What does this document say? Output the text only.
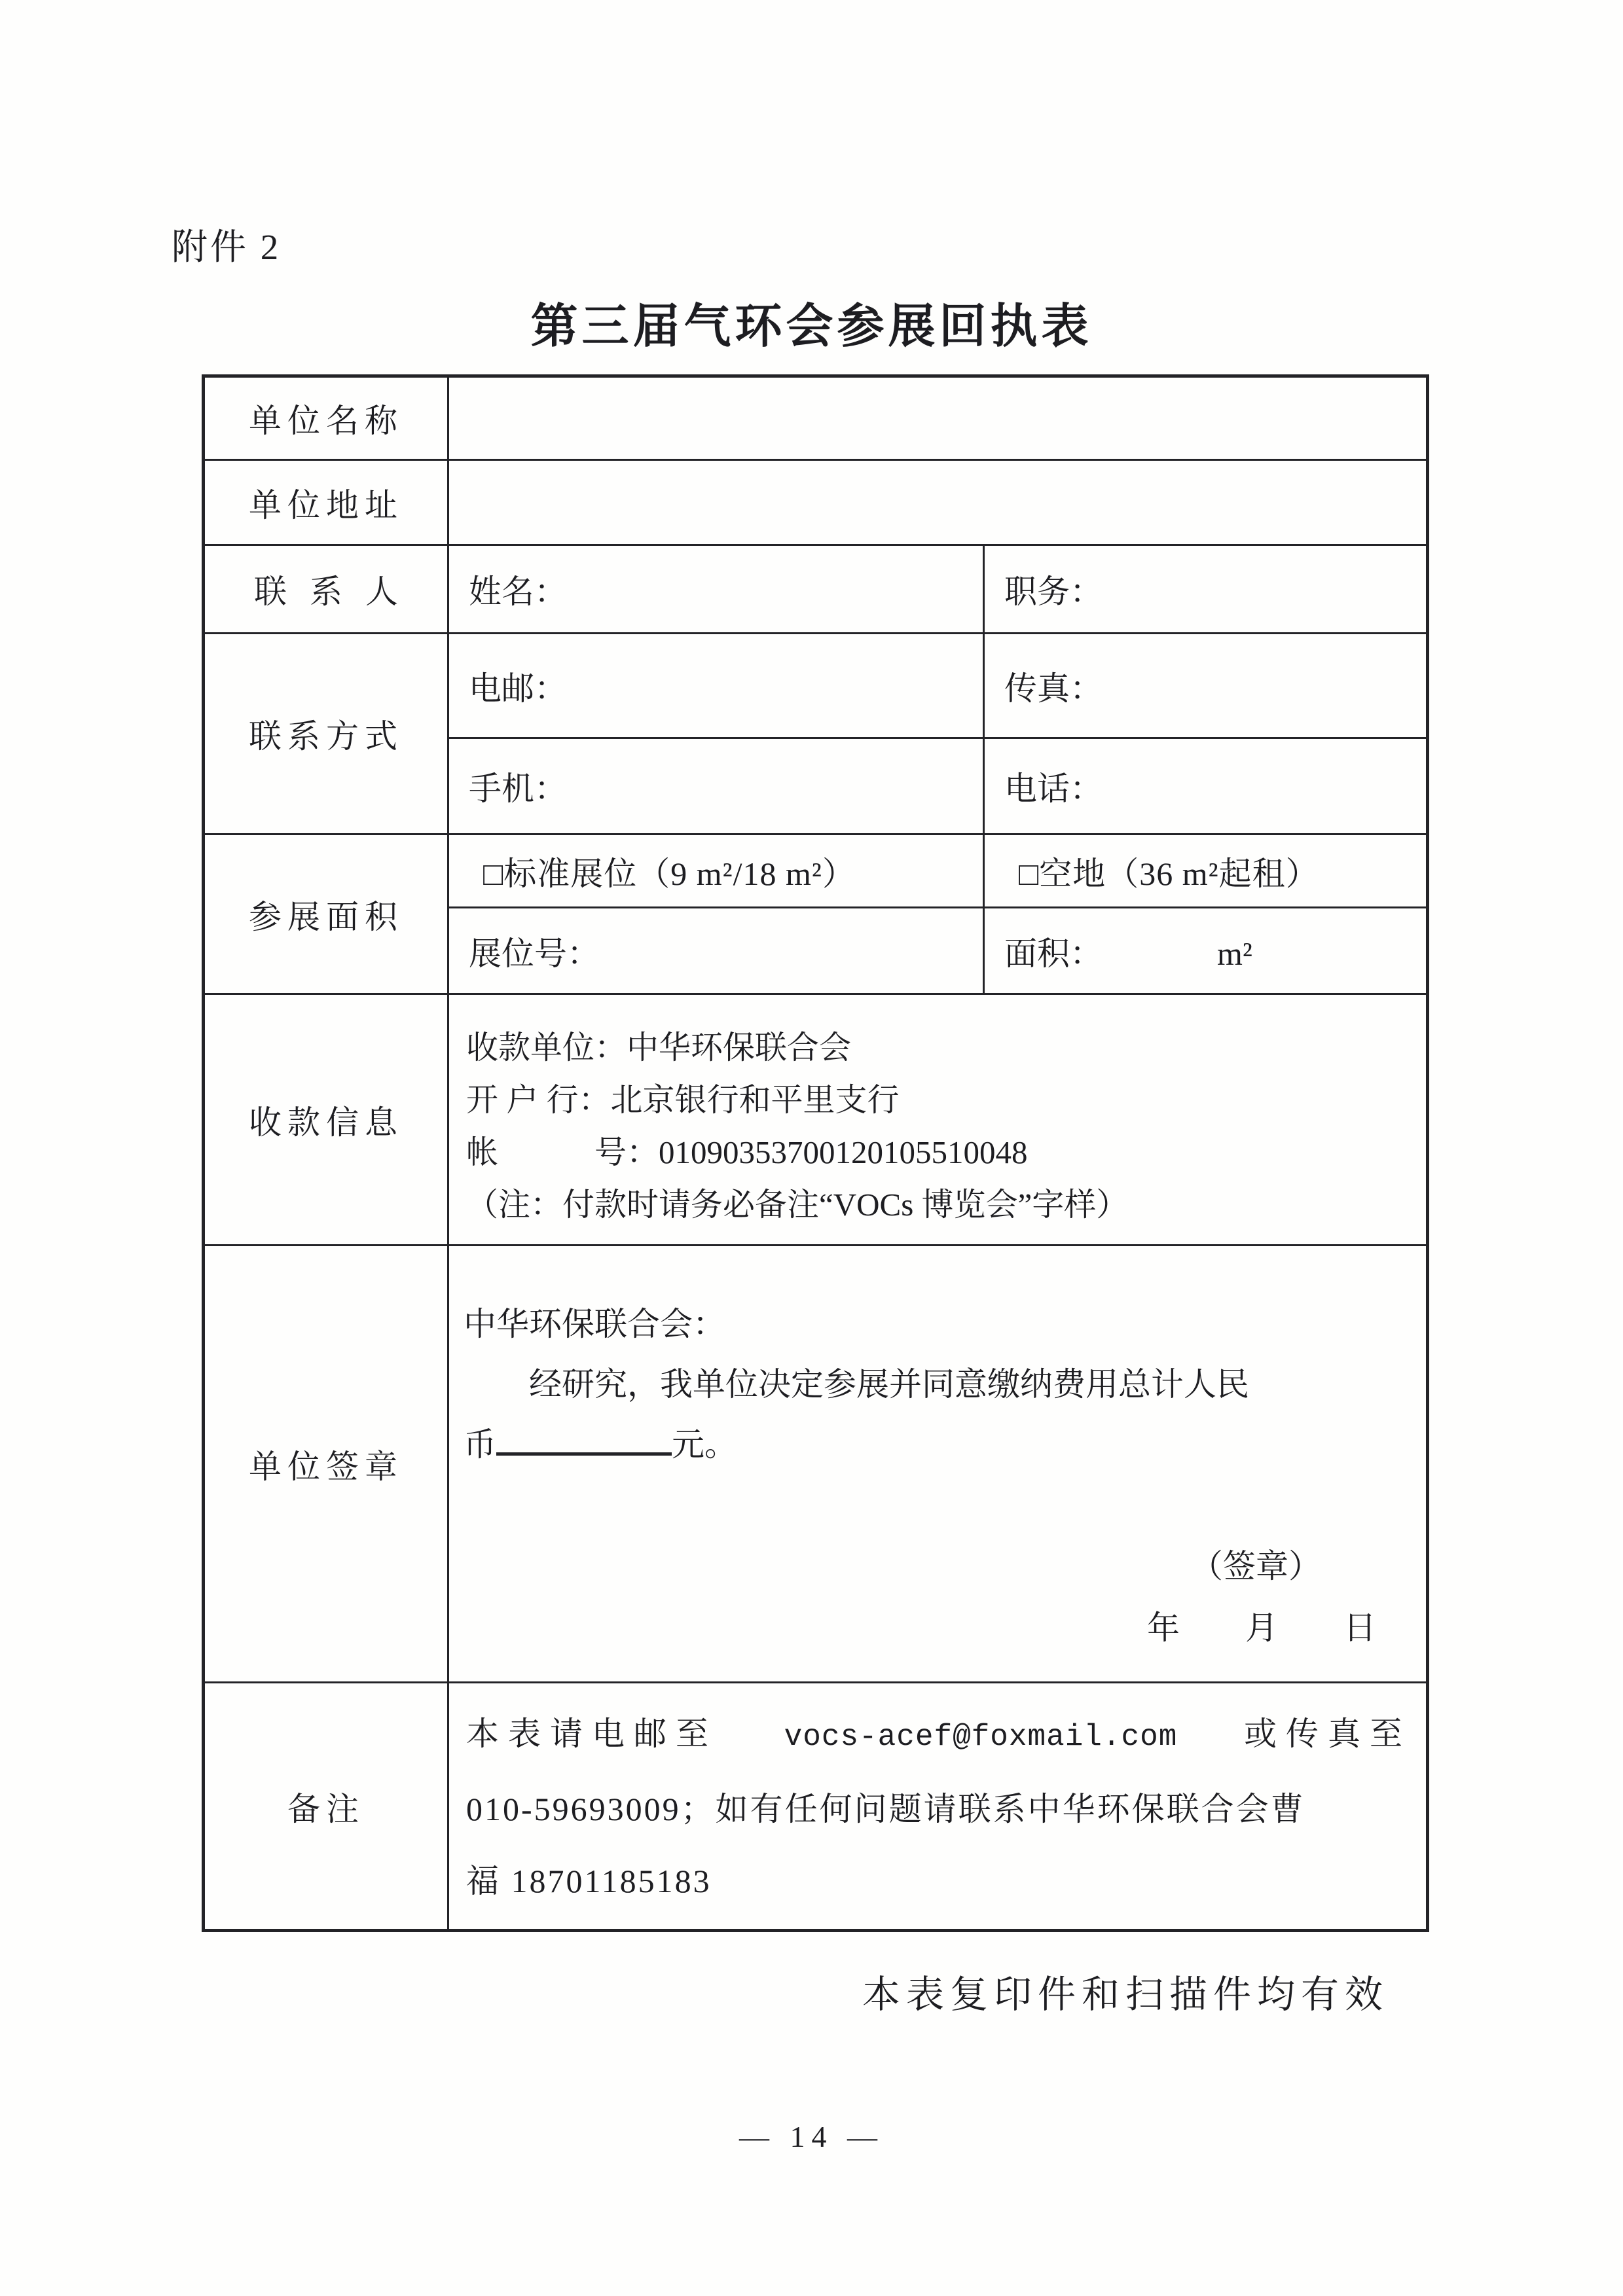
附件 2
第三届气环会参展回执表
单位名称		
单位地址		
联系人	姓名：	职务：
联系方式	电邮：	传真：
	手机：	电话：
参展面积	□标准展位（9 m²/18 m²）	□空地（36 m²起租）
	展位号：	面积：　　　　m²
收款信息	收款单位：中华环保联合会
开 户 行：北京银行和平里支行
帐　　　号：01090353700120105510048
（注：付款时请务必备注“VOCs 博览会”字样）	

单位签章	中华环保联合会：
经研究，我单位决定参展并同意缴纳费用总计人民
币 元。
（签章）
年　　月　　日	

备注	本表请电邮至 vocs-acef@foxmail.com 或传真至
010-59693009；如有任何问题请联系中华环保联合会曹
福 18701185183	
本表复印件和扫描件均有效
— 14 —
